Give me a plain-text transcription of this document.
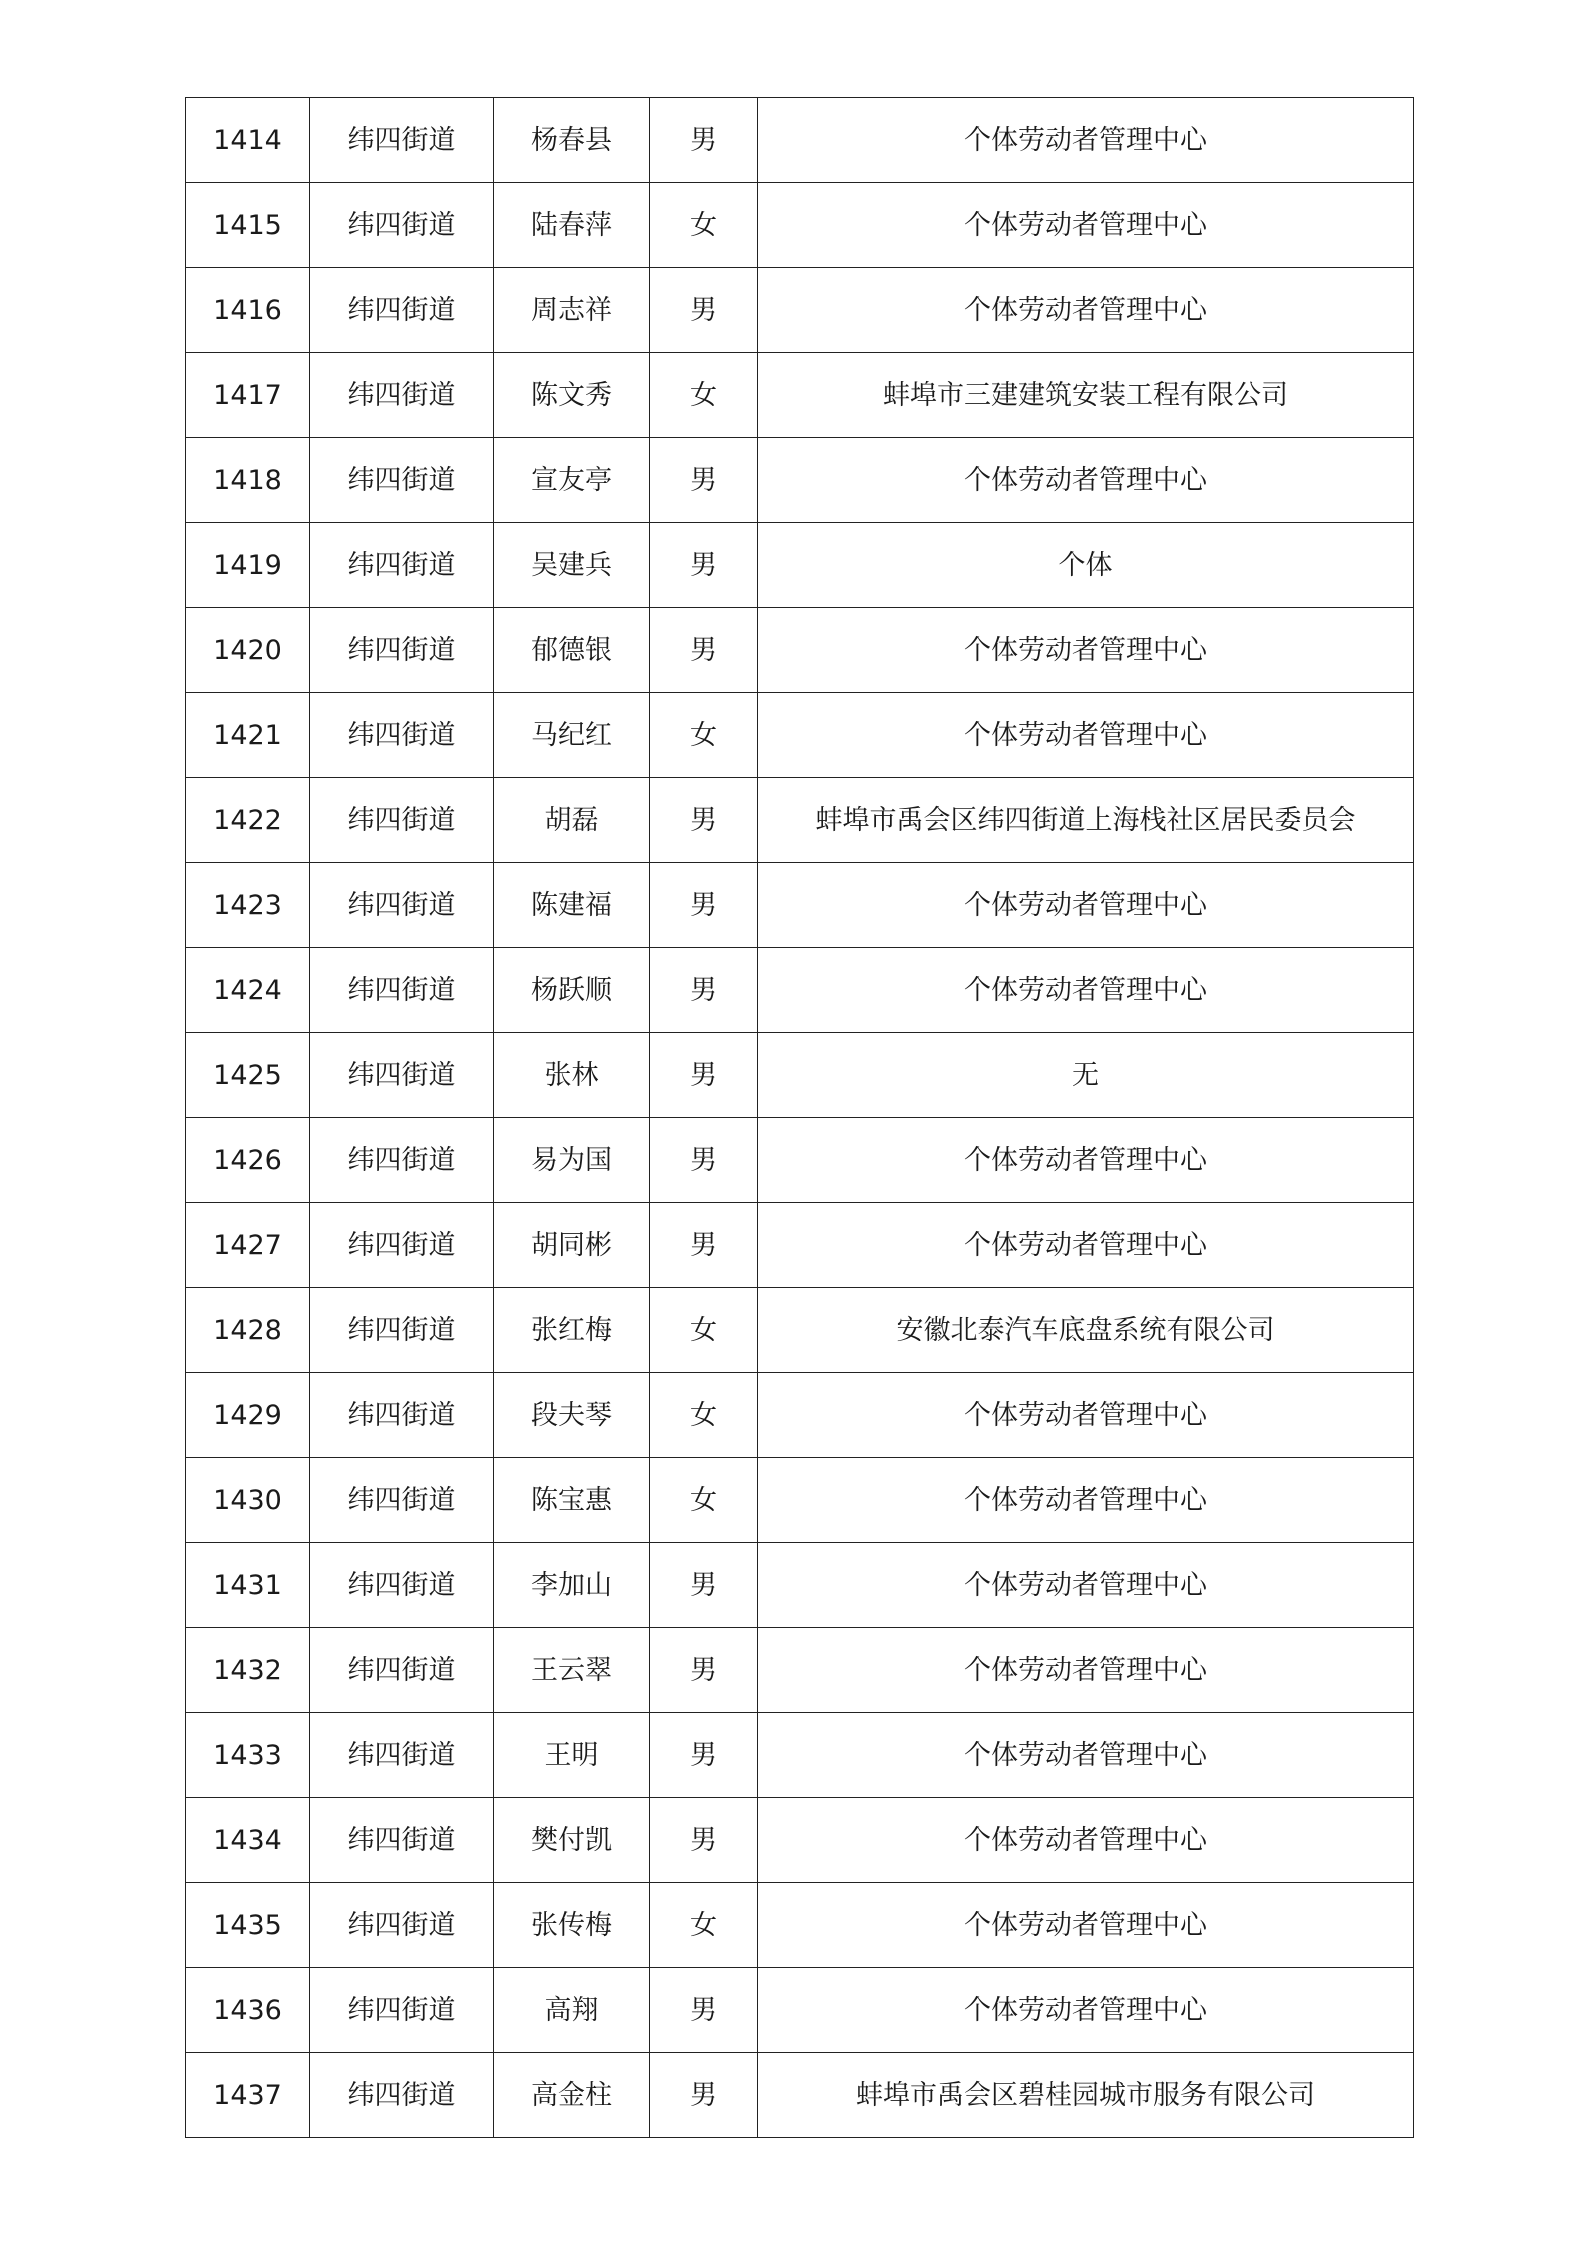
1414	纬四街道	杨春县	男	个体劳动者管理中心
1415	纬四街道	陆春萍	女	个体劳动者管理中心
1416	纬四街道	周志祥	男	个体劳动者管理中心
1417	纬四街道	陈文秀	女	蚌埠市三建建筑安装工程有限公司
1418	纬四街道	宣友亭	男	个体劳动者管理中心
1419	纬四街道	吴建兵	男	个体
1420	纬四街道	郁德银	男	个体劳动者管理中心
1421	纬四街道	马纪红	女	个体劳动者管理中心
1422	纬四街道	胡磊	男	蚌埠市禹会区纬四街道上海栈社区居民委员会
1423	纬四街道	陈建福	男	个体劳动者管理中心
1424	纬四街道	杨跃顺	男	个体劳动者管理中心
1425	纬四街道	张林	男	无
1426	纬四街道	易为国	男	个体劳动者管理中心
1427	纬四街道	胡同彬	男	个体劳动者管理中心
1428	纬四街道	张红梅	女	安徽北泰汽车底盘系统有限公司
1429	纬四街道	段夫琴	女	个体劳动者管理中心
1430	纬四街道	陈宝惠	女	个体劳动者管理中心
1431	纬四街道	李加山	男	个体劳动者管理中心
1432	纬四街道	王云翠	男	个体劳动者管理中心
1433	纬四街道	王明	男	个体劳动者管理中心
1434	纬四街道	樊付凯	男	个体劳动者管理中心
1435	纬四街道	张传梅	女	个体劳动者管理中心
1436	纬四街道	高翔	男	个体劳动者管理中心
1437	纬四街道	高金柱	男	蚌埠市禹会区碧桂园城市服务有限公司
